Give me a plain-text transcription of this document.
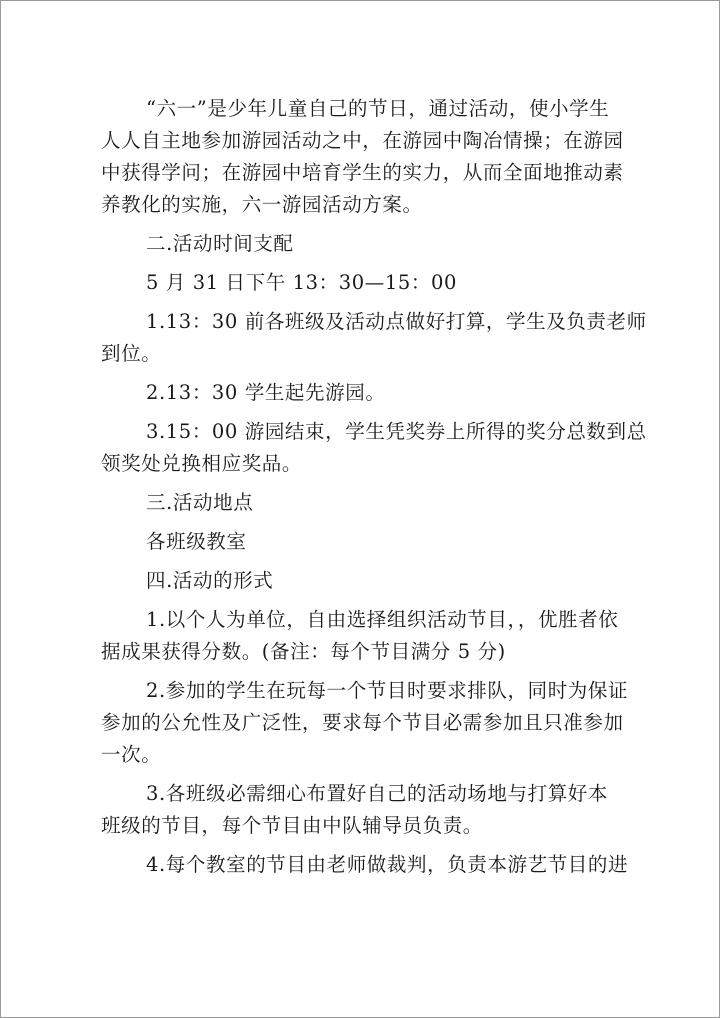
“六一”是少年儿童自己的节日，通过活动，使小学生
人人自主地参加游园活动之中，在游园中陶冶情操；在游园
中获得学问；在游园中培育学生的实力，从而全面地推动素
养教化的实施，六一游园活动方案。
二.活动时间支配
5 月 31 日下午 13：30—15：00
1.13：30 前各班级及活动点做好打算，学生及负责老师
到位。
2.13：30 学生起先游园。
3.15：00 游园结束，学生凭奖券上所得的奖分总数到总
领奖处兑换相应奖品。
三.活动地点
各班级教室
四.活动的形式
1.以个人为单位，自由选择组织活动节目，，优胜者依
据成果获得分数。(备注：每个节目满分 5 分)
2.参加的学生在玩每一个节目时要求排队，同时为保证
参加的公允性及广泛性，要求每个节目必需参加且只准参加
一次。
3.各班级必需细心布置好自己的活动场地与打算好本
班级的节目，每个节目由中队辅导员负责。
4.每个教室的节目由老师做裁判，负责本游艺节目的进
